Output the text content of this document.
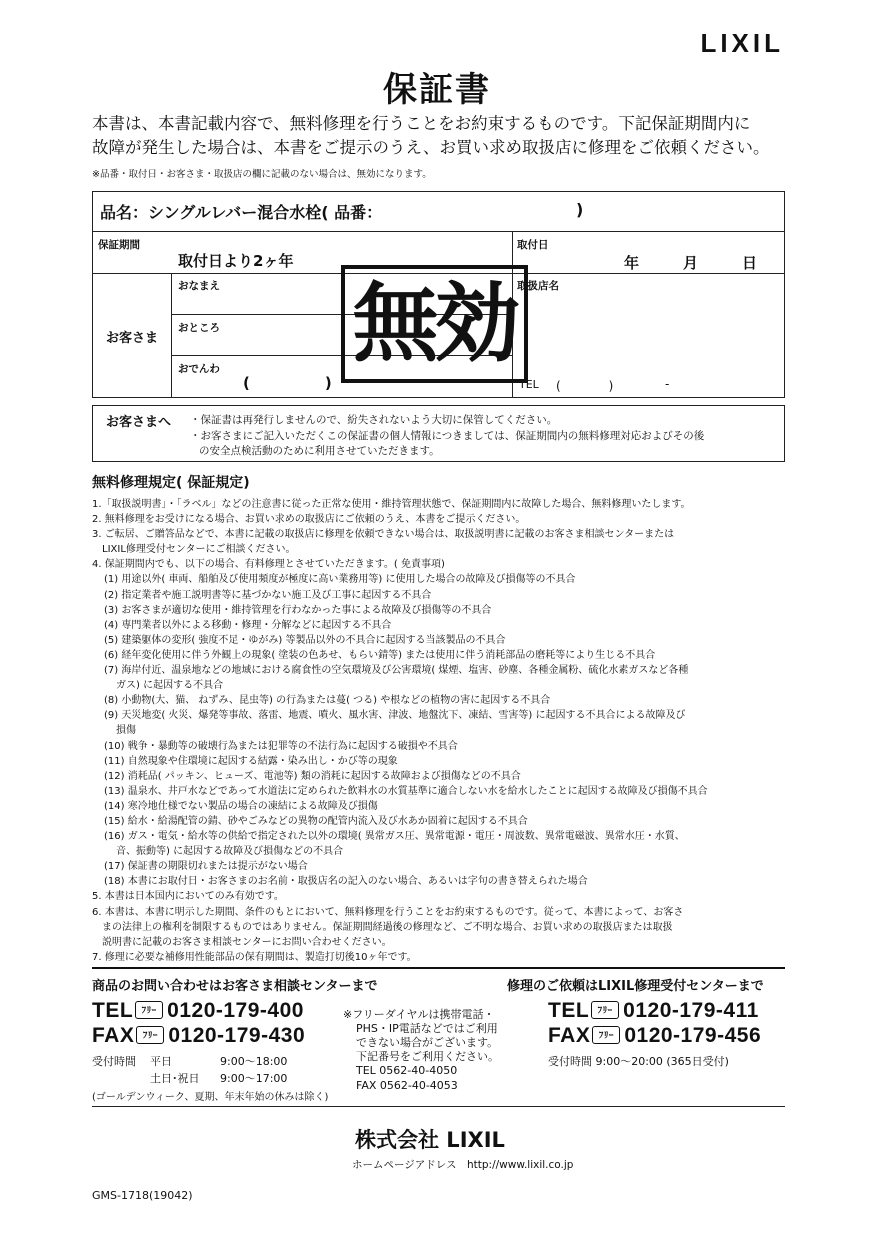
LIXIL
保証書
本書は、本書記載内容で、無料修理を行うことをお約束するものです。下記保証期間内に
故障が発生した場合は、本書をご提示のうえ、お買い求め取扱店に修理をご依頼ください。
※品番・取付日・お客さま・取扱店の欄に記載のない場合は、無効になります。
品名：シングルレバー混合水栓( 品番：	)
保証期間
取付日より2ヶ年
取付日
年	月	日
お客さま
おなまえ
おところ
おでんわ
(　　　　　)	-
取扱店名
TEL (　　　　)	-
無効
お客さまへ ・保証書は再発行しませんので、紛失されないよう大切に保管してください。
・お客さまにご記入いただくこの保証書の個人情報につきましては、保証期間内の無料修理対応およびその後
の安全点検活動のために利用させていただきます。
無料修理規定( 保証規定)
1.「取扱説明書」・「ラベル」などの注意書に従った正常な使用・維持管理状態で、保証期間内に故障した場合、無料修理いたします。
2. 無料修理をお受けになる場合、お買い求めの取扱店にご依頼のうえ、本書をご提示ください。
3. ご転居、ご贈答品などで、本書に記載の取扱店に修理を依頼できない場合は、取扱説明書に記載のお客さま相談センターまたは
LIXIL修理受付センターにご相談ください。
4. 保証期間内でも、以下の場合、有料修理とさせていただきます。( 免責事項)
(1) 用途以外( 車両、船舶及び使用頻度が極度に高い業務用等) に使用した場合の故障及び損傷等の不具合
(2) 指定業者や施工説明書等に基づかない施工及び工事に起因する不具合
(3) お客さまが適切な使用・維持管理を行わなかった事による故障及び損傷等の不具合
(4) 専門業者以外による移動・修理・分解などに起因する不具合
(5) 建築躯体の変形( 強度不足・ゆがみ) 等製品以外の不具合に起因する当該製品の不具合
(6) 経年変化使用に伴う外観上の現象( 塗装の色あせ、もらい錆等) または使用に伴う消耗部品の磨耗等により生じる不具合
(7) 海岸付近、温泉地などの地域における腐食性の空気環境及び公害環境( 煤煙、塩害、砂塵、各種金属粉、硫化水素ガスなど各種
ガス) に起因する不具合
(8) 小動物(大、猫、 ねずみ、昆虫等) の行為または蔓( つる) や根などの植物の害に起因する不具合
(9) 天災地変( 火災、爆発等事故、落雷、地震、噴火、風水害、津波、地盤沈下、凍結、雪害等) に起因する不具合による故障及び
損傷
(10) 戦争・暴動等の破壊行為または犯罪等の不法行為に起因する破損や不具合
(11) 自然現象や住環境に起因する結露・染み出し・かび等の現象
(12) 消耗品( パッキン、ヒューズ、電池等) 類の消耗に起因する故障および損傷などの不具合
(13) 温泉水、井戸水などであって水道法に定められた飲料水の水質基準に適合しない水を給水したことに起因する故障及び損傷不具合
(14) 寒冷地仕様でない製品の場合の凍結による故障及び損傷
(15) 給水・給湯配管の錆、砂やごみなどの異物の配管内流入及び水あか固着に起因する不具合
(16) ガス・電気・給水等の供給で指定された以外の環境( 異常ガス圧、異常電源・電圧・周波数、異常電磁波、異常水圧・水質、
音、振動等) に起因する故障及び損傷などの不具合
(17) 保証書の期限切れまたは提示がない場合
(18) 本書にお取付日・お客さまのお名前・取扱店名の記入のない場合、あるいは字句の書き替えられた場合
5. 本書は日本国内においてのみ有効です。
6. 本書は、本書に明示した期間、条件のもとにおいて、無料修理を行うことをお約束するものです。従って、本書によって、お客さ
まの法律上の権利を制限するものではありません。保証期間経過後の修理など、ご不明な場合、お買い求めの取扱店または取扱
説明書に記載のお客さま相談センターにお問い合わせください。
7. 修理に必要な補修用性能部品の保有期間は、製造打切後10ヶ年です。
商品のお問い合わせはお客さま相談センターまで	修理のご依頼はLIXIL修理受付センターまで
TEL ﾌﾘｰ 0120-179-400
FAX ﾌﾘｰ 0120-179-430
受付時間 平日	9:00～18:00
土日･祝日 9:00～17:00
(ゴールデンウィーク、夏期、年末年始の休みは除く)
※フリーダイヤルは携帯電話・
PHS・IP電話などではご利用
できない場合がございます。
下記番号をご利用ください。
TEL 0562-40-4050
FAX 0562-40-4053
TEL ﾌﾘｰ 0120-179-411
FAX ﾌﾘｰ 0120-179-456
受付時間 9:00～20:00 (365日受付)
株式会社 LIXIL
ホームページアドレス　http://www.lixil.co.jp
GMS-1718(19042)
